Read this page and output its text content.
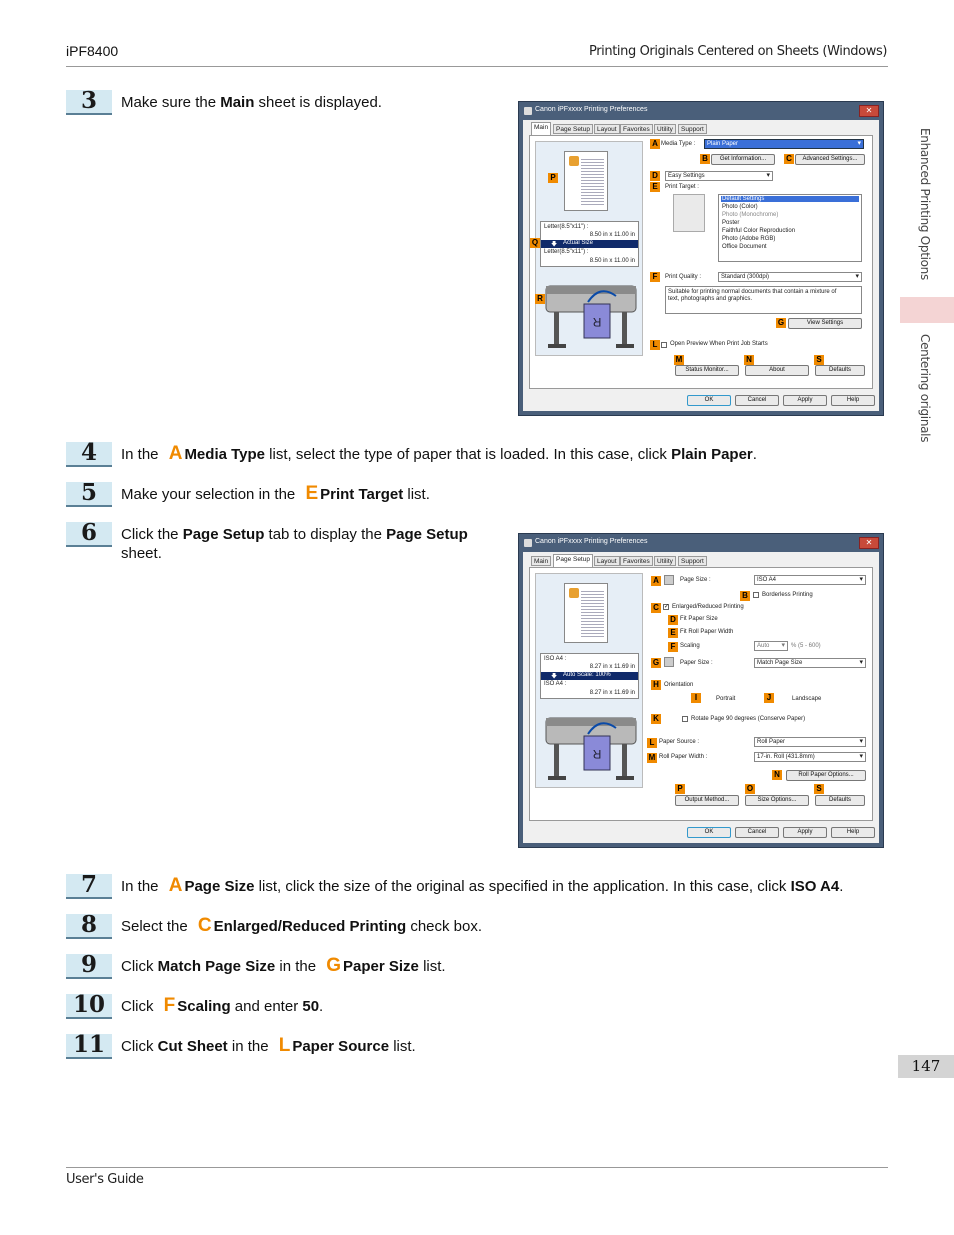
iPF8400	Printing Originals Centered on Sheets (Windows)
User's Guide
Enhanced Printing Options
Centering originals
147
3	Make sure the Main sheet is displayed.
4	In the A Media Type list, select the type of paper that is loaded. In this case, click Plain Paper.
5	Make your selection in the E Print Target list.
6	Click the Page Setup tab to display the Page Setup sheet.
7	In the A Page Size list, click the size of the original as specified in the application. In this case, click ISO A4.
8	Select the C Enlarged/Reduced Printing check box.
9	Click Match Page Size in the G Paper Size list.
10	Click F Scaling and enter 50.
11	Click Cut Sheet in the L Paper Source list.
Canon iPFxxxx Printing Preferences	✕
Main	Page Setup	Layout Favorites	Utility	Support
P
Letter(8.5"x11") :
8.50 in x 11.00 in
Actual Size
🡇
Letter(8.5"x11") :
8.50 in x 11.00 in
Q
R
R
A Media Type :	Plain Paper ▾
B	Get Information...	C	Advanced Settings...
D	Easy Settings ▾
E	Print Target :
Default Settings
Photo (Color)
Photo (Monochrome)
Poster
Faithful Color Reproduction
Photo (Adobe RGB)
Office Document
F	Print Quality :	Standard (300dpi) ▾
Suitable for printing normal documents that contain a mixture of text, photographs and graphics.
G	View Settings
L	Open Preview When Print Job Starts
M	N	S
Status Monitor...	About	Defaults
OK	Cancel	Apply	Help
Canon iPFxxxx Printing Preferences	✕
Main	Page Setup	Layout Favorites	Utility	Support
ISO A4 :
8.27 in x 11.69 in
Auto Scale: 100%
🡇
ISO A4 :
8.27 in x 11.69 in
R
A	Page Size :	ISO A4 ▾
B	Borderless Printing
C ✓ Enlarged/Reduced Printing
D Fit Paper Size
E Fit Roll Paper Width
F Scaling	Auto ▾	% (5 - 600)
G	Paper Size :	Match Page Size ▾
H Orientation
I	Portrait	J	Landscape
K	Rotate Page 90 degrees (Conserve Paper)
L Paper Source :	Roll Paper ▾
M Roll Paper Width :	17-in. Roll (431.8mm) ▾
N	Roll Paper Options...
P	O	S
Output Method...	Size Options...	Defaults
OK	Cancel	Apply	Help
